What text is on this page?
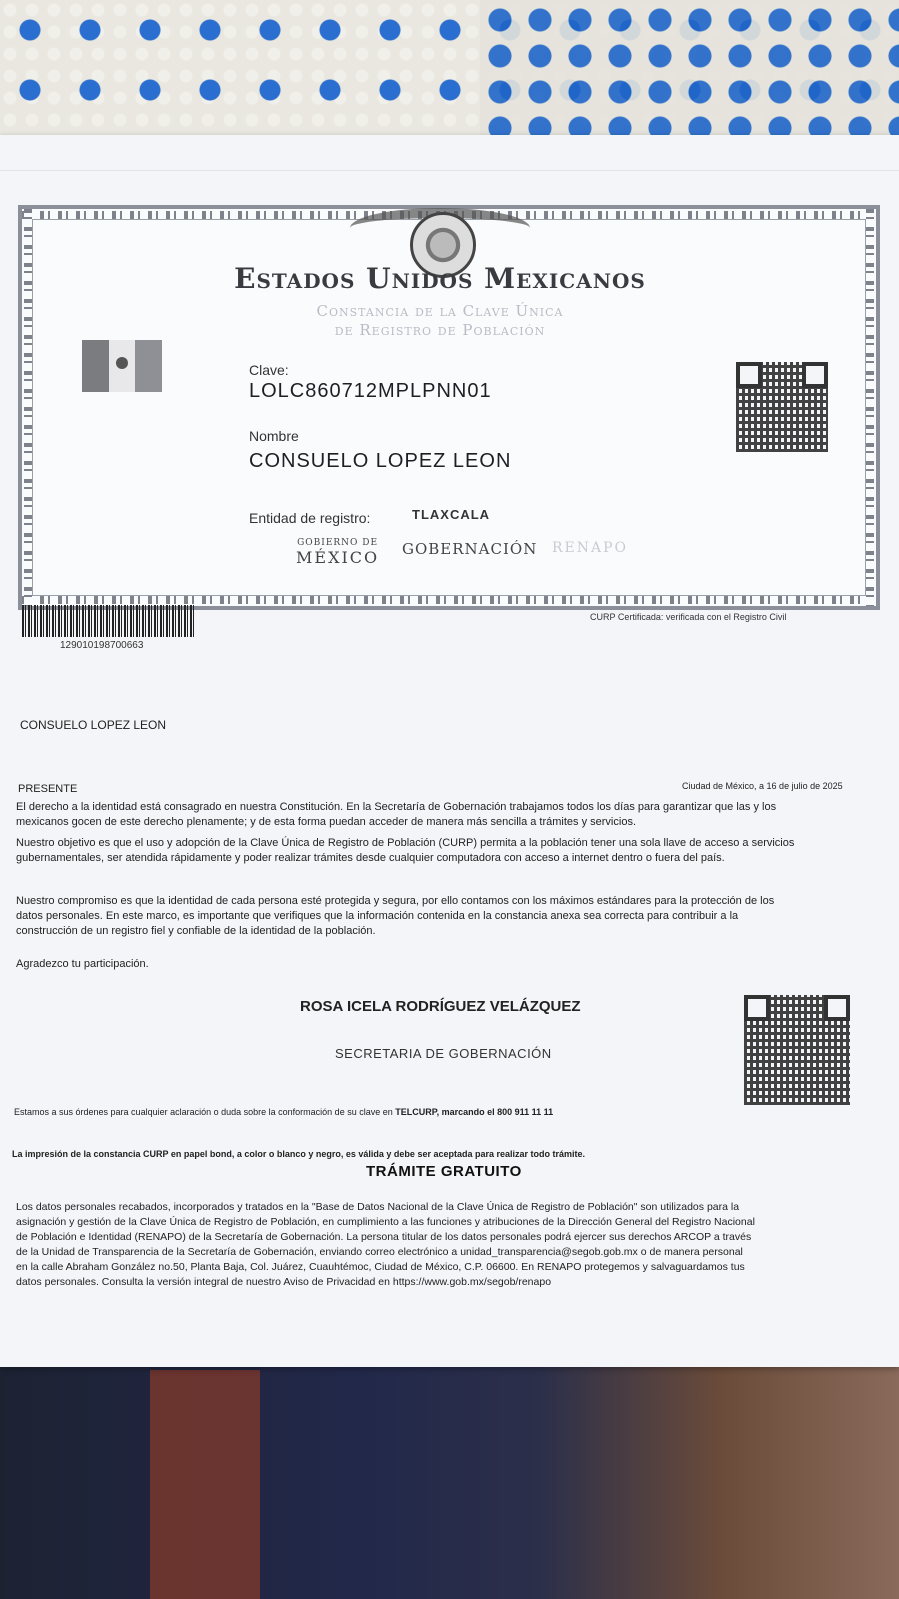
Estados Unidos Mexicanos
Constancia de la Clave Única
de Registro de Población
Clave:
LOLC860712MPLPNN01
Nombre
CONSUELO LOPEZ LEON
Entidad de registro:	TLAXCALA
GOBIERNO DE
MÉXICO GOBERNACIÓN RENAPO
129010198700663
CURP Certificada: verificada con el Registro Civil
CONSUELO LOPEZ LEON
PRESENTE	Ciudad de México, a 16 de julio de 2025
El derecho a la identidad está consagrado en nuestra Constitución. En la Secretaría de Gobernación trabajamos todos los días para garantizar que las y los
mexicanos gocen de este derecho plenamente; y de esta forma puedan acceder de manera más sencilla a trámites y servicios.
Nuestro objetivo es que el uso y adopción de la Clave Única de Registro de Población (CURP) permita a la población tener una sola llave de acceso a servicios
gubernamentales, ser atendida rápidamente y poder realizar trámites desde cualquier computadora con acceso a internet dentro o fuera del país.
Nuestro compromiso es que la identidad de cada persona esté protegida y segura, por ello contamos con los máximos estándares para la protección de los
datos personales. En este marco, es importante que verifiques que la información contenida en la constancia anexa sea correcta para contribuir a la
construcción de un registro fiel y confiable de la identidad de la población.
Agradezco tu participación.
ROSA ICELA RODRÍGUEZ VELÁZQUEZ
SECRETARIA DE GOBERNACIÓN
Estamos a sus órdenes para cualquier aclaración o duda sobre la conformación de su clave en TELCURP, marcando el 800 911 11 11
La impresión de la constancia CURP en papel bond, a color o blanco y negro, es válida y debe ser aceptada para realizar todo trámite.
TRÁMITE GRATUITO
Los datos personales recabados, incorporados y tratados en la "Base de Datos Nacional de la Clave Única de Registro de Población" son utilizados para la
asignación y gestión de la Clave Única de Registro de Población, en cumplimiento a las funciones y atribuciones de la Dirección General del Registro Nacional
de Población e Identidad (RENAPO) de la Secretaría de Gobernación. La persona titular de los datos personales podrá ejercer sus derechos ARCOP a través
de la Unidad de Transparencia de la Secretaría de Gobernación, enviando correo electrónico a unidad_transparencia@segob.gob.mx o de manera personal
en la calle Abraham González no.50, Planta Baja, Col. Juárez, Cuauhtémoc, Ciudad de México, C.P. 06600. En RENAPO protegemos y salvaguardamos tus
datos personales. Consulta la versión integral de nuestro Aviso de Privacidad en https://www.gob.mx/segob/renapo
